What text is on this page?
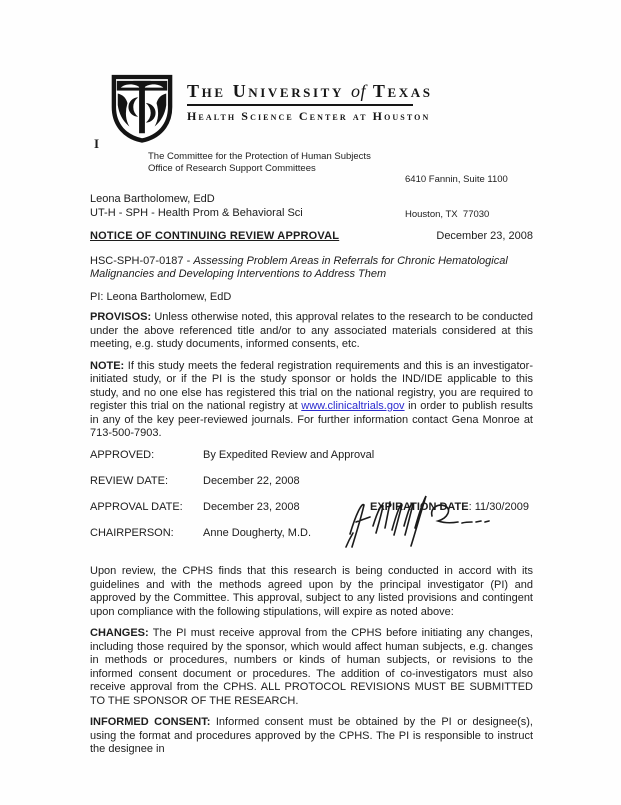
The University of Texas
Health Science Center at Houston
I
The Committee for the Protection of Human Subjects
Office of Research Support Committees

6410 Fannin, Suite 1100

Houston, TX  77030

Leona Bartholomew, EdD
UT-H - SPH - Health Prom & Behavioral Sci
NOTICE OF CONTINUING REVIEW APPROVAL	December 23, 2008
HSC-SPH-07-0187 - Assessing Problem Areas in Referrals for Chronic Hematological Malignancies and Developing Interventions to Address Them
PI: Leona Bartholomew, EdD

PROVISOS: Unless otherwise noted, this approval relates to the research to be conducted under the above referenced title and/or to any associated materials considered at this meeting, e.g. study documents, informed consents, etc.

NOTE: If this study meets the federal registration requirements and this is an investigator-initiated study, or if the PI is the study sponsor or holds the IND/IDE applicable to this study, and no one else has registered this trial on the national registry, you are required to register this trial on the national registry at www.clinicaltrials.gov in order to publish results in any of the key peer-reviewed journals. For further information contact Gena Monroe at 713-500-7903.

APPROVED:	By Expedited Review and Approval
REVIEW DATE:	December 22, 2008
APPROVAL DATE:	December 23, 2008	EXPIRATION DATE: 11/30/2009
CHAIRPERSON:	Anne Dougherty, M.D.

Upon review, the CPHS finds that this research is being conducted in accord with its guidelines and with the methods agreed upon by the principal investigator (PI) and approved by the Committee. This approval, subject to any listed provisions and contingent upon compliance with the following stipulations, will expire as noted above:

CHANGES: The PI must receive approval from the CPHS before initiating any changes, including those required by the sponsor, which would affect human subjects, e.g. changes in methods or procedures, numbers or kinds of human subjects, or revisions to the informed consent document or procedures. The addition of co-investigators must also receive approval from the CPHS. ALL PROTOCOL REVISIONS MUST BE SUBMITTED TO THE SPONSOR OF THE RESEARCH.

INFORMED CONSENT: Informed consent must be obtained by the PI or designee(s), using the format and procedures approved by the CPHS. The PI is responsible to instruct the designee in
